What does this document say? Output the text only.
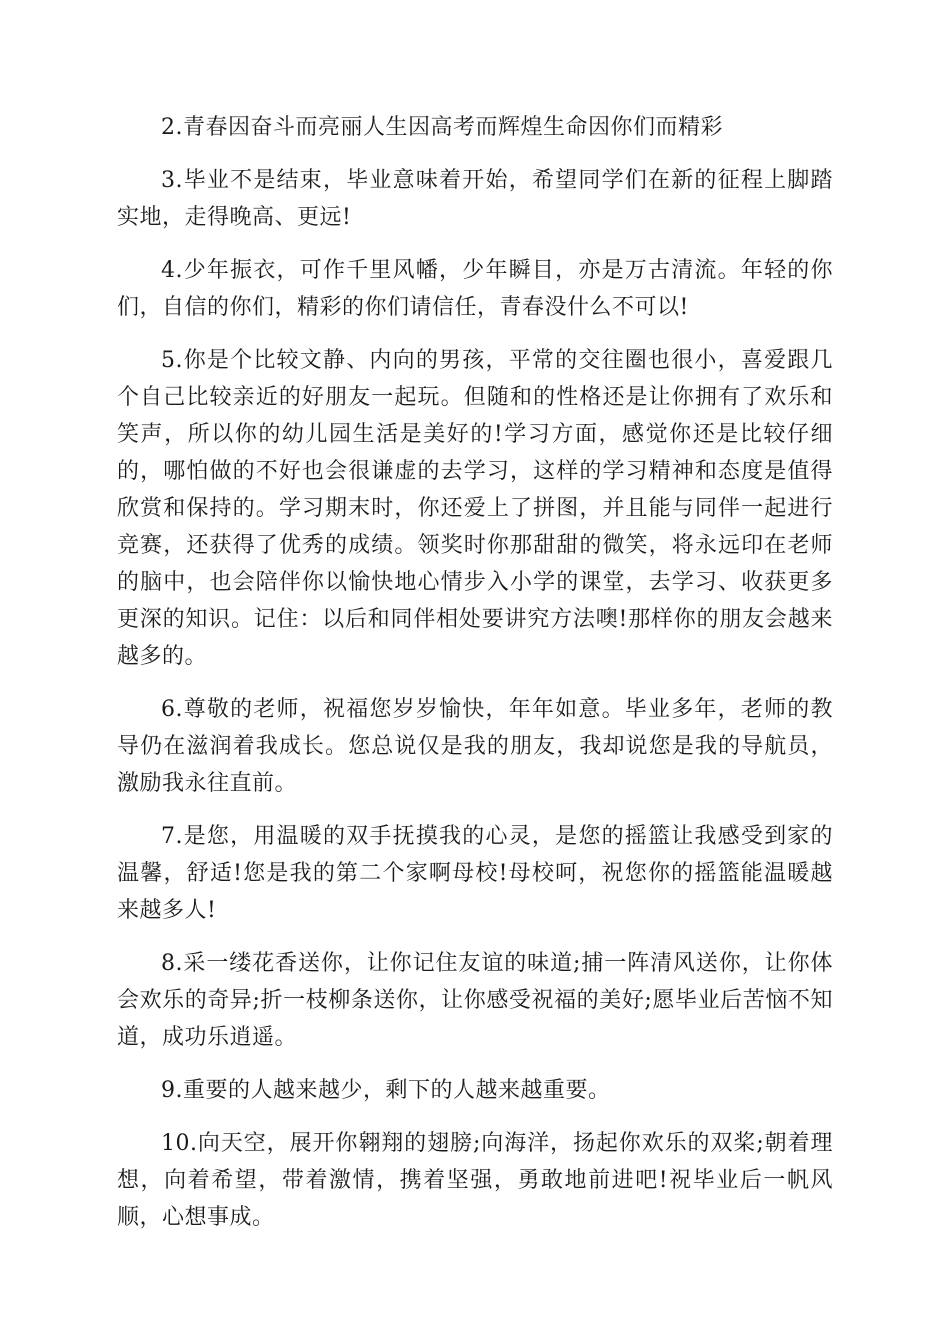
2.青春因奋斗而亮丽人生因高考而辉煌生命因你们而精彩

3.毕业不是结束，毕业意味着开始，希望同学们在新的征程上脚踏实地，走得晚高、更远!

4.少年振衣，可作千里风幡，少年瞬目，亦是万古清流。年轻的你们，自信的你们，精彩的你们请信任，青春没什么不可以!

5.你是个比较文静、内向的男孩，平常的交往圈也很小，喜爱跟几个自己比较亲近的好朋友一起玩。但随和的性格还是让你拥有了欢乐和笑声，所以你的幼儿园生活是美好的!学习方面，感觉你还是比较仔细的，哪怕做的不好也会很谦虚的去学习，这样的学习精神和态度是值得欣赏和保持的。学习期末时，你还爱上了拼图，并且能与同伴一起进行竞赛，还获得了优秀的成绩。领奖时你那甜甜的微笑，将永远印在老师的脑中，也会陪伴你以愉快地心情步入小学的课堂，去学习、收获更多更深的知识。记住：以后和同伴相处要讲究方法噢!那样你的朋友会越来越多的。

6.尊敬的老师，祝福您岁岁愉快，年年如意。毕业多年，老师的教导仍在滋润着我成长。您总说仅是我的朋友，我却说您是我的导航员，激励我永往直前。

7.是您，用温暖的双手抚摸我的心灵，是您的摇篮让我感受到家的温馨，舒适!您是我的第二个家啊母校!母校呵，祝您你的摇篮能温暖越来越多人!

8.采一缕花香送你，让你记住友谊的味道;捕一阵清风送你，让你体会欢乐的奇异;折一枝柳条送你，让你感受祝福的美好;愿毕业后苦恼不知道，成功乐逍遥。

9.重要的人越来越少，剩下的人越来越重要。

10.向天空，展开你翱翔的翅膀;向海洋，扬起你欢乐的双桨;朝着理想，向着希望，带着激情，携着坚强，勇敢地前进吧!祝毕业后一帆风顺，心想事成。
